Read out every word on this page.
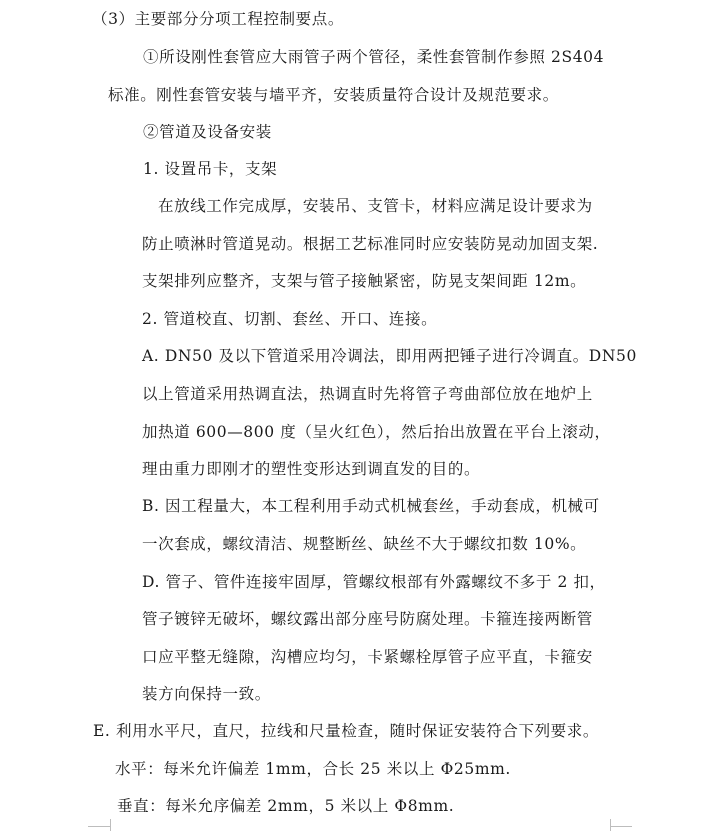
（3）主要部分分项工程控制要点。
①所设刚性套管应大雨管子两个管径，柔性套管制作参照 2S404
标准。刚性套管安装与墙平齐，安装质量符合设计及规范要求。
②管道及设备安装
1. 设置吊卡，支架
在放线工作完成厚，安装吊、支管卡，材料应满足设计要求为
防止喷淋时管道晃动。根据工艺标准同时应安装防晃动加固支架.
支架排列应整齐，支架与管子接触紧密，防晃支架间距 12m。
2. 管道校直、切割、套丝、开口、连接。
A. DN50 及以下管道采用冷调法，即用两把锤子进行冷调直。DN50
以上管道采用热调直法，热调直时先将管子弯曲部位放在地炉上
加热道 600—800 度（呈火红色），然后抬出放置在平台上滚动，
理由重力即刚才的塑性变形达到调直发的目的。
B. 因工程量大，本工程利用手动式机械套丝，手动套成，机械可
一次套成，螺纹清洁、规整断丝、缺丝不大于螺纹扣数 10%。
D. 管子、管件连接牢固厚，管螺纹根部有外露螺纹不多于 2 扣，
管子镀锌无破坏，螺纹露出部分座号防腐处理。卡箍连接两断管
口应平整无缝隙，沟槽应均匀，卡紧螺栓厚管子应平直，卡箍安
装方向保持一致。
E. 利用水平尺，直尺，拉线和尺量检查，随时保证安装符合下列要求。
水平：每米允许偏差 1mm，合长 25 米以上 Φ25mm.
垂直：每米允序偏差 2mm，5 米以上 Φ8mm.
